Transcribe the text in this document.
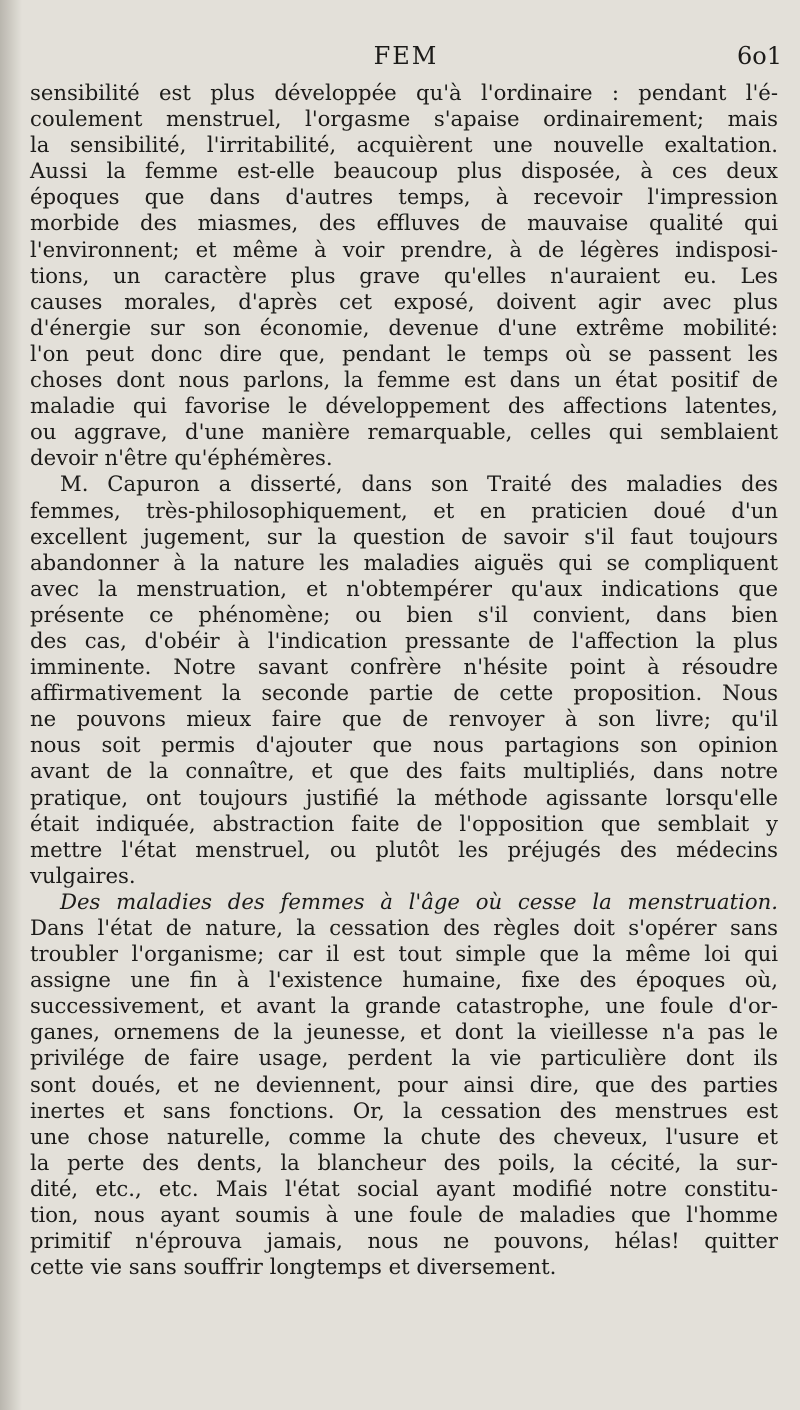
FEM	6o1
sensibilité est plus développée qu'à l'ordinaire : pendant l'é-
coulement menstruel, l'orgasme s'apaise ordinairement; mais
la sensibilité, l'irritabilité, acquièrent une nouvelle exaltation.
Aussi la femme est-elle beaucoup plus disposée, à ces deux
époques que dans d'autres temps, à recevoir l'impression
morbide des miasmes, des effluves de mauvaise qualité qui
l'environnent; et même à voir prendre, à de légères indisposi-
tions, un caractère plus grave qu'elles n'auraient eu. Les
causes morales, d'après cet exposé, doivent agir avec plus
d'énergie sur son économie, devenue d'une extrême mobilité:
l'on peut donc dire que, pendant le temps où se passent les
choses dont nous parlons, la femme est dans un état positif de
maladie qui favorise le développement des affections latentes,
ou aggrave, d'une manière remarquable, celles qui semblaient
devoir n'être qu'éphémères.
M. Capuron a disserté, dans son Traité des maladies des
femmes, très-philosophiquement, et en praticien doué d'un
excellent jugement, sur la question de savoir s'il faut toujours
abandonner à la nature les maladies aiguës qui se compliquent
avec la menstruation, et n'obtempérer qu'aux indications que
présente ce phénomène; ou bien s'il convient, dans bien
des cas, d'obéir à l'indication pressante de l'affection la plus
imminente. Notre savant confrère n'hésite point à résoudre
affirmativement la seconde partie de cette proposition. Nous
ne pouvons mieux faire que de renvoyer à son livre; qu'il
nous soit permis d'ajouter que nous partagions son opinion
avant de la connaître, et que des faits multipliés, dans notre
pratique, ont toujours justifié la méthode agissante lorsqu'elle
était indiquée, abstraction faite de l'opposition que semblait y
mettre l'état menstruel, ou plutôt les préjugés des médecins
vulgaires.
Des maladies des femmes à l'âge où cesse la menstruation.
Dans l'état de nature, la cessation des règles doit s'opérer sans
troubler l'organisme; car il est tout simple que la même loi qui
assigne une fin à l'existence humaine, fixe des époques où,
successivement, et avant la grande catastrophe, une foule d'or-
ganes, ornemens de la jeunesse, et dont la vieillesse n'a pas le
privilége de faire usage, perdent la vie particulière dont ils
sont doués, et ne deviennent, pour ainsi dire, que des parties
inertes et sans fonctions. Or, la cessation des menstrues est
une chose naturelle, comme la chute des cheveux, l'usure et
la perte des dents, la blancheur des poils, la cécité, la sur-
dité, etc., etc. Mais l'état social ayant modifié notre constitu-
tion, nous ayant soumis à une foule de maladies que l'homme
primitif n'éprouva jamais, nous ne pouvons, hélas! quitter
cette vie sans souffrir longtemps et diversement.
